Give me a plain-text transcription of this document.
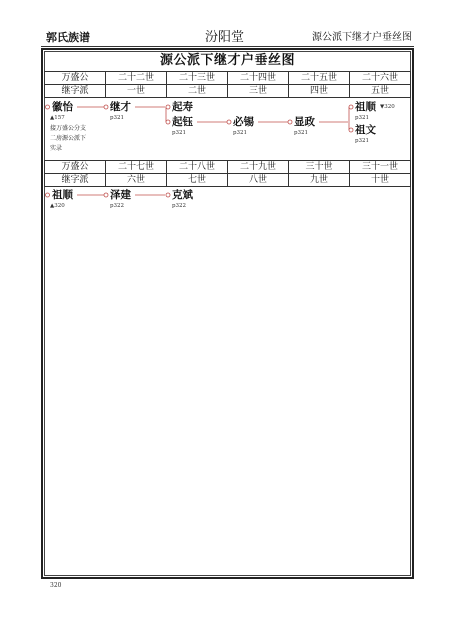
郭氏族谱	汾阳堂	源公派下继才户垂丝图
源公派下继才户垂丝图
万盛公	二十二世	二十三世	二十四世	二十五世	二十六世
继字派	一世	二世	三世	四世	五世
万盛公	二十七世	二十八世	二十九世	三十世	三十一世
继字派	六世	七世	八世	九世	十世
徽怡
▲157
接万盛公分支
二房源公派下
实录
继才
p321
起寿
起钰
p321
必锡
p321
显政
p321
祖顺 ▼320
p321
祖文
p321
祖顺
▲320
泽建
p322
克斌
p322
320
